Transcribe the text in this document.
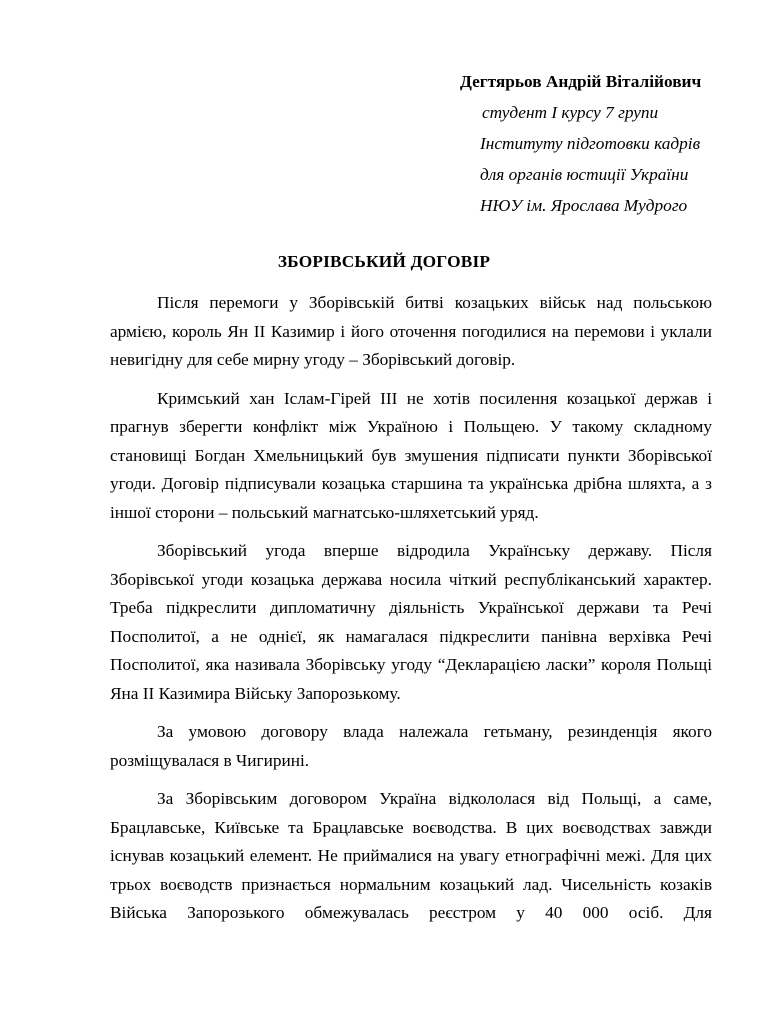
Дегтярьов Андрій Віталійович
студент І курсу 7 групи
Інституту підготовки кадрів
для органів юстиції України
НЮУ ім. Ярослава Мудрого
ЗБОРІВСЬКИЙ ДОГОВІР

Після перемоги у Зборівській битві козацьких військ над польською армією, король Ян ІІ Казимир і його оточення погодилися на перемови і уклали невигідну для себе мирну угоду – Зборівський договір.

Кримський хан Іслам-Гірей ІІІ не хотів посилення козацької держав і прагнув зберегти конфлікт між Україною і Польщею. У такому складному становищі Богдан Хмельницький був змушения підписати пункти Зборівської угоди. Договір підписували козацька старшина та українська дрібна шляхта, а з іншої сторони – польський магнатсько-шляхетський уряд.

Зборівський угода вперше відродила Українську державу. Після Зборівської угоди козацька держава носила чіткий республіканський характер. Треба підкреслити дипломатичну діяльність Української держави та Речі Посполитої, а не однієї, як намагалася підкреслити панівна верхівка Речі Посполитої, яка називала Зборівську угоду “Декларацією ласки” короля Польщі Яна ІІ Казимира Війську Запорозькому.

За умовою договору влада належала гетьману, резинденція якого розміщувалася в Чигирині.

За Зборівським договором Україна відкололася від Польщі, а саме, Брацлавське, Київське та Брацлавське воєводства. В цих воєводствах завжди існував козацький елемент. Не приймалися на увагу етнографічні межі. Для цих трьох воєводств признається нормальним козацький лад. Чисельність козаків Війська Запорозького обмежувалась реєстром у 40 000 осіб. Для
